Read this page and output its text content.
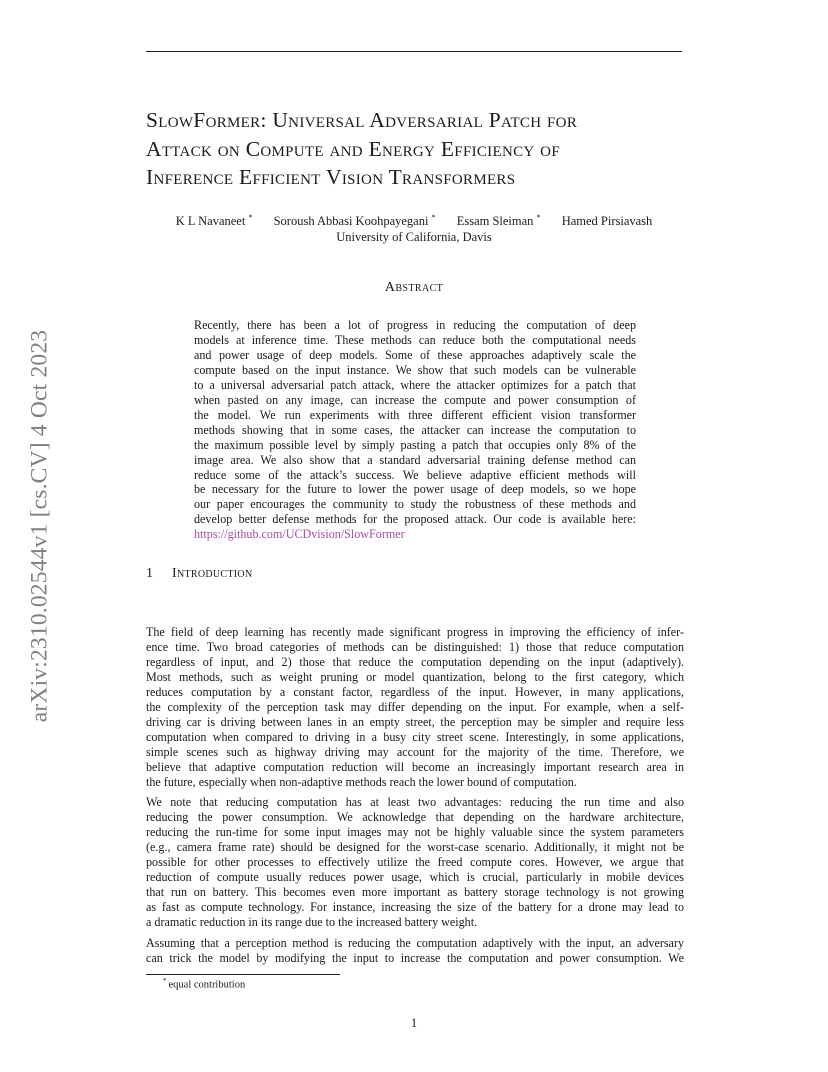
arXiv:2310.02544v1 [cs.CV] 4 Oct 2023
SlowFormer: Universal Adversarial Patch for
Attack on Compute and Energy Efficiency of
Inference Efficient Vision Transformers
K L Navaneet * Soroush Abbasi Koohpayegani * Essam Sleiman * Hamed Pirsiavash
University of California, Davis
Abstract
Recently, there has been a lot of progress in reducing the computation of deep
models at inference time. These methods can reduce both the computational needs
and power usage of deep models. Some of these approaches adaptively scale the
compute based on the input instance. We show that such models can be vulnerable
to a universal adversarial patch attack, where the attacker optimizes for a patch that
when pasted on any image, can increase the compute and power consumption of
the model. We run experiments with three different efficient vision transformer
methods showing that in some cases, the attacker can increase the computation to
the maximum possible level by simply pasting a patch that occupies only 8% of the
image area. We also show that a standard adversarial training defense method can
reduce some of the attack’s success. We believe adaptive efficient methods will
be necessary for the future to lower the power usage of deep models, so we hope
our paper encourages the community to study the robustness of these methods and
develop better defense methods for the proposed attack. Our code is available here:
https://github.com/UCDvision/SlowFormer
1 Introduction
The field of deep learning has recently made significant progress in improving the efficiency of infer-
ence time. Two broad categories of methods can be distinguished: 1) those that reduce computation
regardless of input, and 2) those that reduce the computation depending on the input (adaptively).
Most methods, such as weight pruning or model quantization, belong to the first category, which
reduces computation by a constant factor, regardless of the input. However, in many applications,
the complexity of the perception task may differ depending on the input. For example, when a self-
driving car is driving between lanes in an empty street, the perception may be simpler and require less
computation when compared to driving in a busy city street scene. Interestingly, in some applications,
simple scenes such as highway driving may account for the majority of the time. Therefore, we
believe that adaptive computation reduction will become an increasingly important research area in
the future, especially when non-adaptive methods reach the lower bound of computation.
We note that reducing computation has at least two advantages: reducing the run time and also
reducing the power consumption. We acknowledge that depending on the hardware architecture,
reducing the run-time for some input images may not be highly valuable since the system parameters
(e.g., camera frame rate) should be designed for the worst-case scenario. Additionally, it might not be
possible for other processes to effectively utilize the freed compute cores. However, we argue that
reduction of compute usually reduces power usage, which is crucial, particularly in mobile devices
that run on battery. This becomes even more important as battery storage technology is not growing
as fast as compute technology. For instance, increasing the size of the battery for a drone may lead to
a dramatic reduction in its range due to the increased battery weight.
Assuming that a perception method is reducing the computation adaptively with the input, an adversary
can trick the model by modifying the input to increase the computation and power consumption. We
* equal contribution
1
